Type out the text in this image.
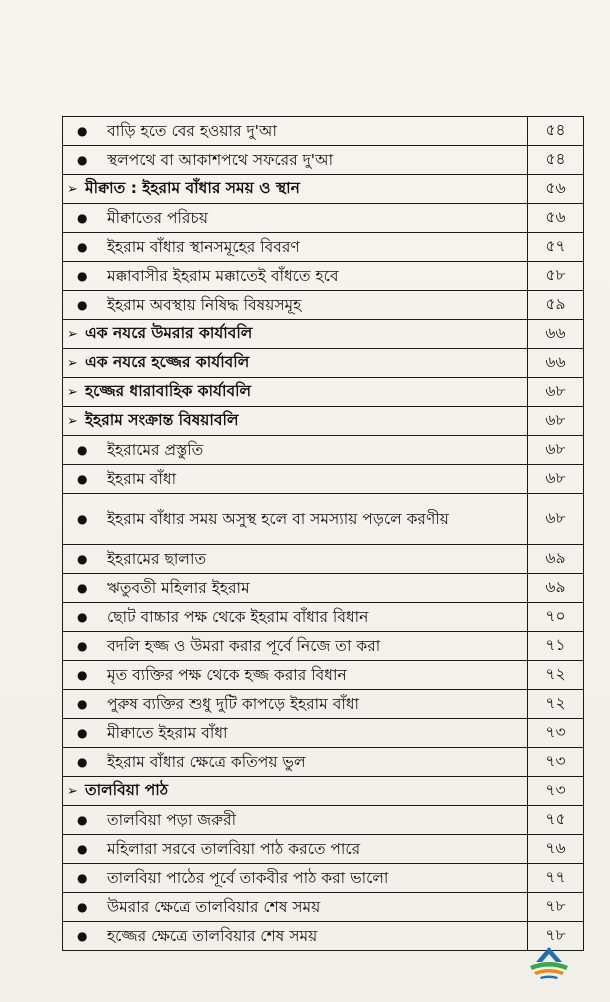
● বাড়ি হতে বের হওয়ার দু'আ	৫৪

● স্থলপথে বা আকাশপথে সফরের দু'আ	৫৪

➢ মীক্বাত : ইহরাম বাঁধার সময় ও স্থান	৫৬

● মীক্বাতের পরিচয়	৫৬

● ইহরাম বাঁধার স্থানসমূহের বিবরণ	৫৭

● মক্কাবাসীর ইহরাম মক্কাতেই বাঁধতে হবে	৫৮

● ইহরাম অবস্থায় নিষিদ্ধ বিষয়সমূহ	৫৯

➢ এক নযরে উমরার কার্যাবলি	৬৬

➢ এক নযরে হজ্জের কার্যাবলি	৬৬

➢ হজ্জের ধারাবাহিক কার্যাবলি	৬৮

➢ ইহরাম সংক্রান্ত বিষয়াবলি	৬৮

● ইহরামের প্রস্তুতি	৬৮

● ইহরাম বাঁধা	৬৮

● ইহরাম বাঁধার সময় অসুস্থ হলে বা সমস্যায় পড়লে করণীয়	৬৮

● ইহরামের ছালাত	৬৯

● ঋতুবতী মহিলার ইহরাম	৬৯

● ছোট বাচ্চার পক্ষ থেকে ইহরাম বাঁধার বিধান	৭০

● বদলি হজ্জ ও উমরা করার পূর্বে নিজে তা করা	৭১

● মৃত ব্যক্তির পক্ষ থেকে হজ্জ করার বিধান	৭২

● পুরুষ ব্যক্তির শুধু দুটি কাপড়ে ইহরাম বাঁধা	৭২

● মীক্বাতে ইহরাম বাঁধা	৭৩

● ইহরাম বাঁধার ক্ষেত্রে কতিপয় ভুল	৭৩

➢ তালবিয়া পাঠ	৭৩

● তালবিয়া পড়া জরুরী	৭৫

● মহিলারা সরবে তালবিয়া পাঠ করতে পারে	৭৬

● তালবিয়া পাঠের পূর্বে তাকবীর পাঠ করা ভালো	৭৭

● উমরার ক্ষেত্রে তালবিয়ার শেষ সময়	৭৮

● হজ্জের ক্ষেত্রে তালবিয়ার শেষ সময়	৭৮
